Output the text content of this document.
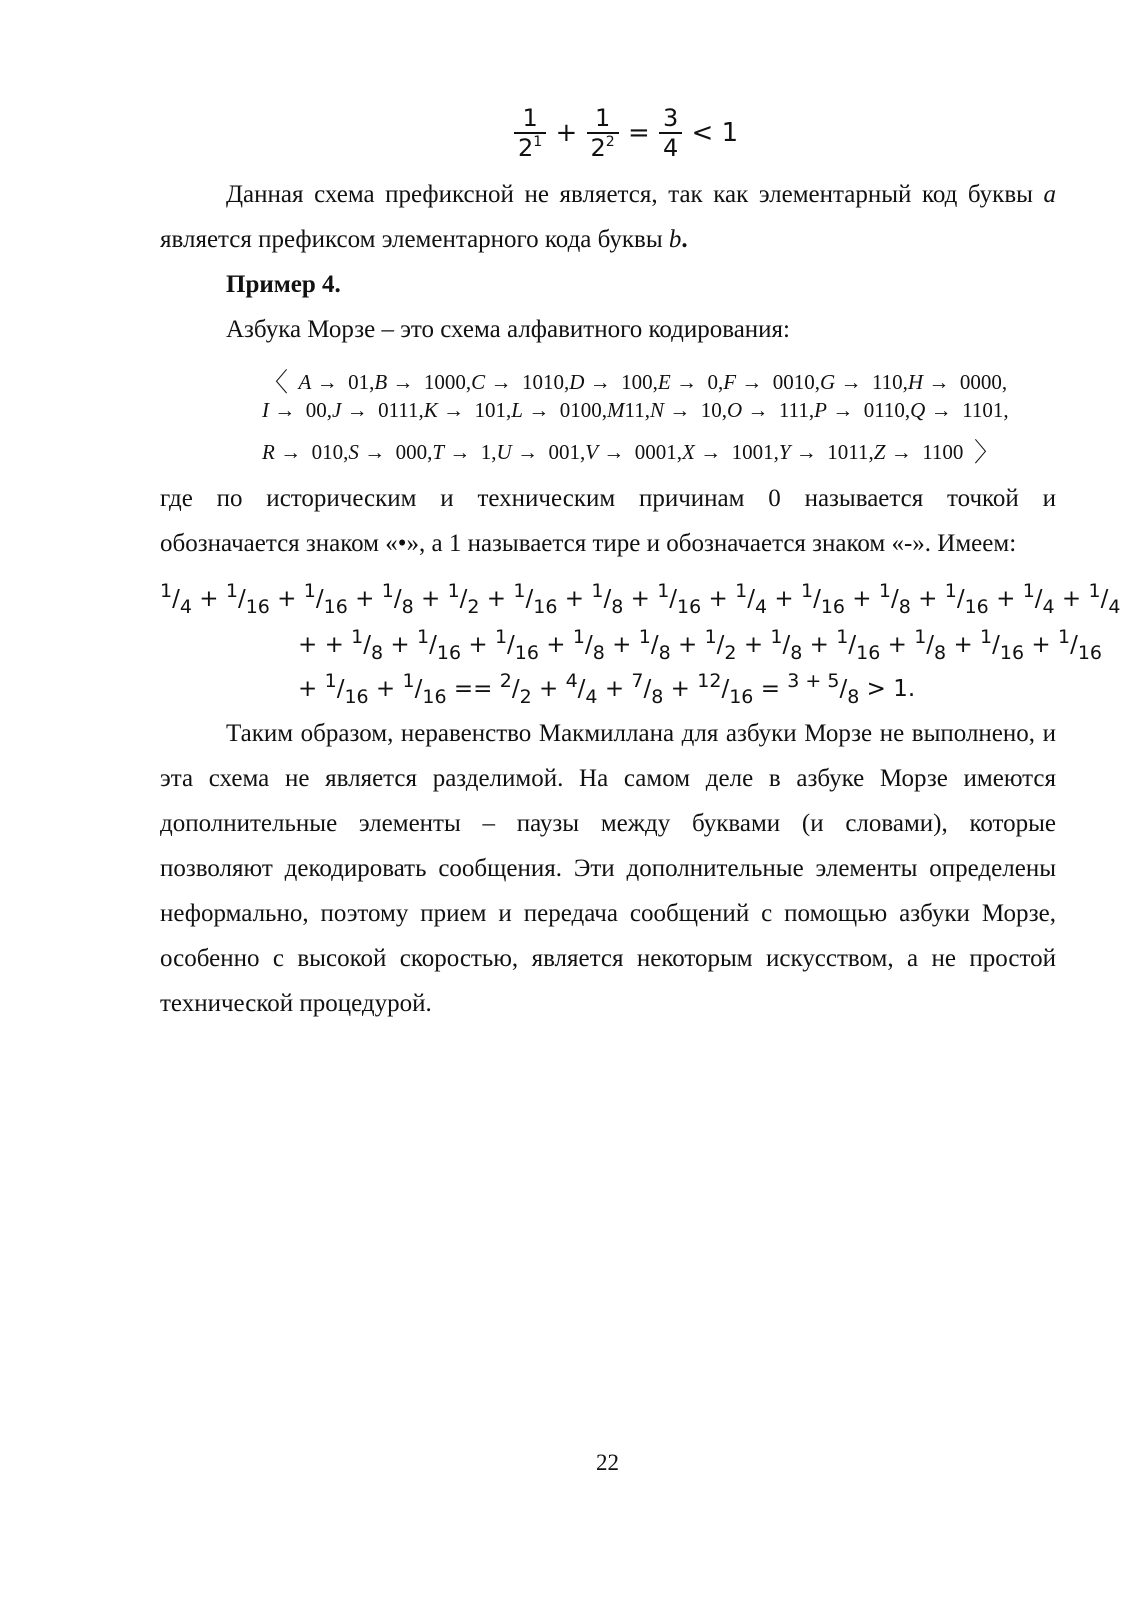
$\frac{1}{2^1} + \frac{1}{2^2} = \frac{3}{4} < 1$
Данная схема префиксной не является, так как элементарный код буквы a
является префиксом элементарного кода буквы b.
Пример 4.
Азбука Морзе – это схема алфавитного кодирования:
〈 A →  01,B →  1000,C →  1010,D →  100,E →  0,F →  0010,G →  110,H →  0000,
I →  00,J →  0111,K →  101,L →  0100,M11,N →  10,O →  111,P →  0110,Q →  1101,
R →  010,S →  000,T →  1,U →  001,V →  0001,X →  1001,Y →  1011,Z →  1100 〉
где по историческим и техническим причинам 0 называется точкой и
обозначается знаком «•», а 1 называется тире и обозначается знаком «-». Имеем:
$^1/_4 + ^1/_{16} + ^1/_{16} + ^1/_8 + ^1/_2 + ^1/_{16} + ^1/_8 + ^1/_{16} + ^1/_4 + ^1/_{16} + ^1/_8 + ^1/_{16} + ^1/_4 + ^1/_4$
+ + $^1/_8 + ^1/_{16} + ^1/_{16} + ^1/_8 + ^1/_8 + ^1/_2 + ^1/_8 + ^1/_{16} + ^1/_8 + ^1/_{16} + ^1/_{16}$
+ $^1/_{16} + ^1/_{16} == ^2/_2 + ^4/_4 + ^7/_8 + ^{12}/_{16} = ^{3 + 5}/_8 > 1$.
Таким образом, неравенство Макмиллана для азбуки Морзе не выполнено, и
эта схема не является разделимой. На самом деле в азбуке Морзе имеются
дополнительные элементы – паузы между буквами (и словами), которые
позволяют декодировать сообщения. Эти дополнительные элементы определены
неформально, поэтому прием и передача сообщений с помощью азбуки Морзе,
особенно с высокой скоростью, является некоторым искусством, а не простой
технической процедурой.
22
